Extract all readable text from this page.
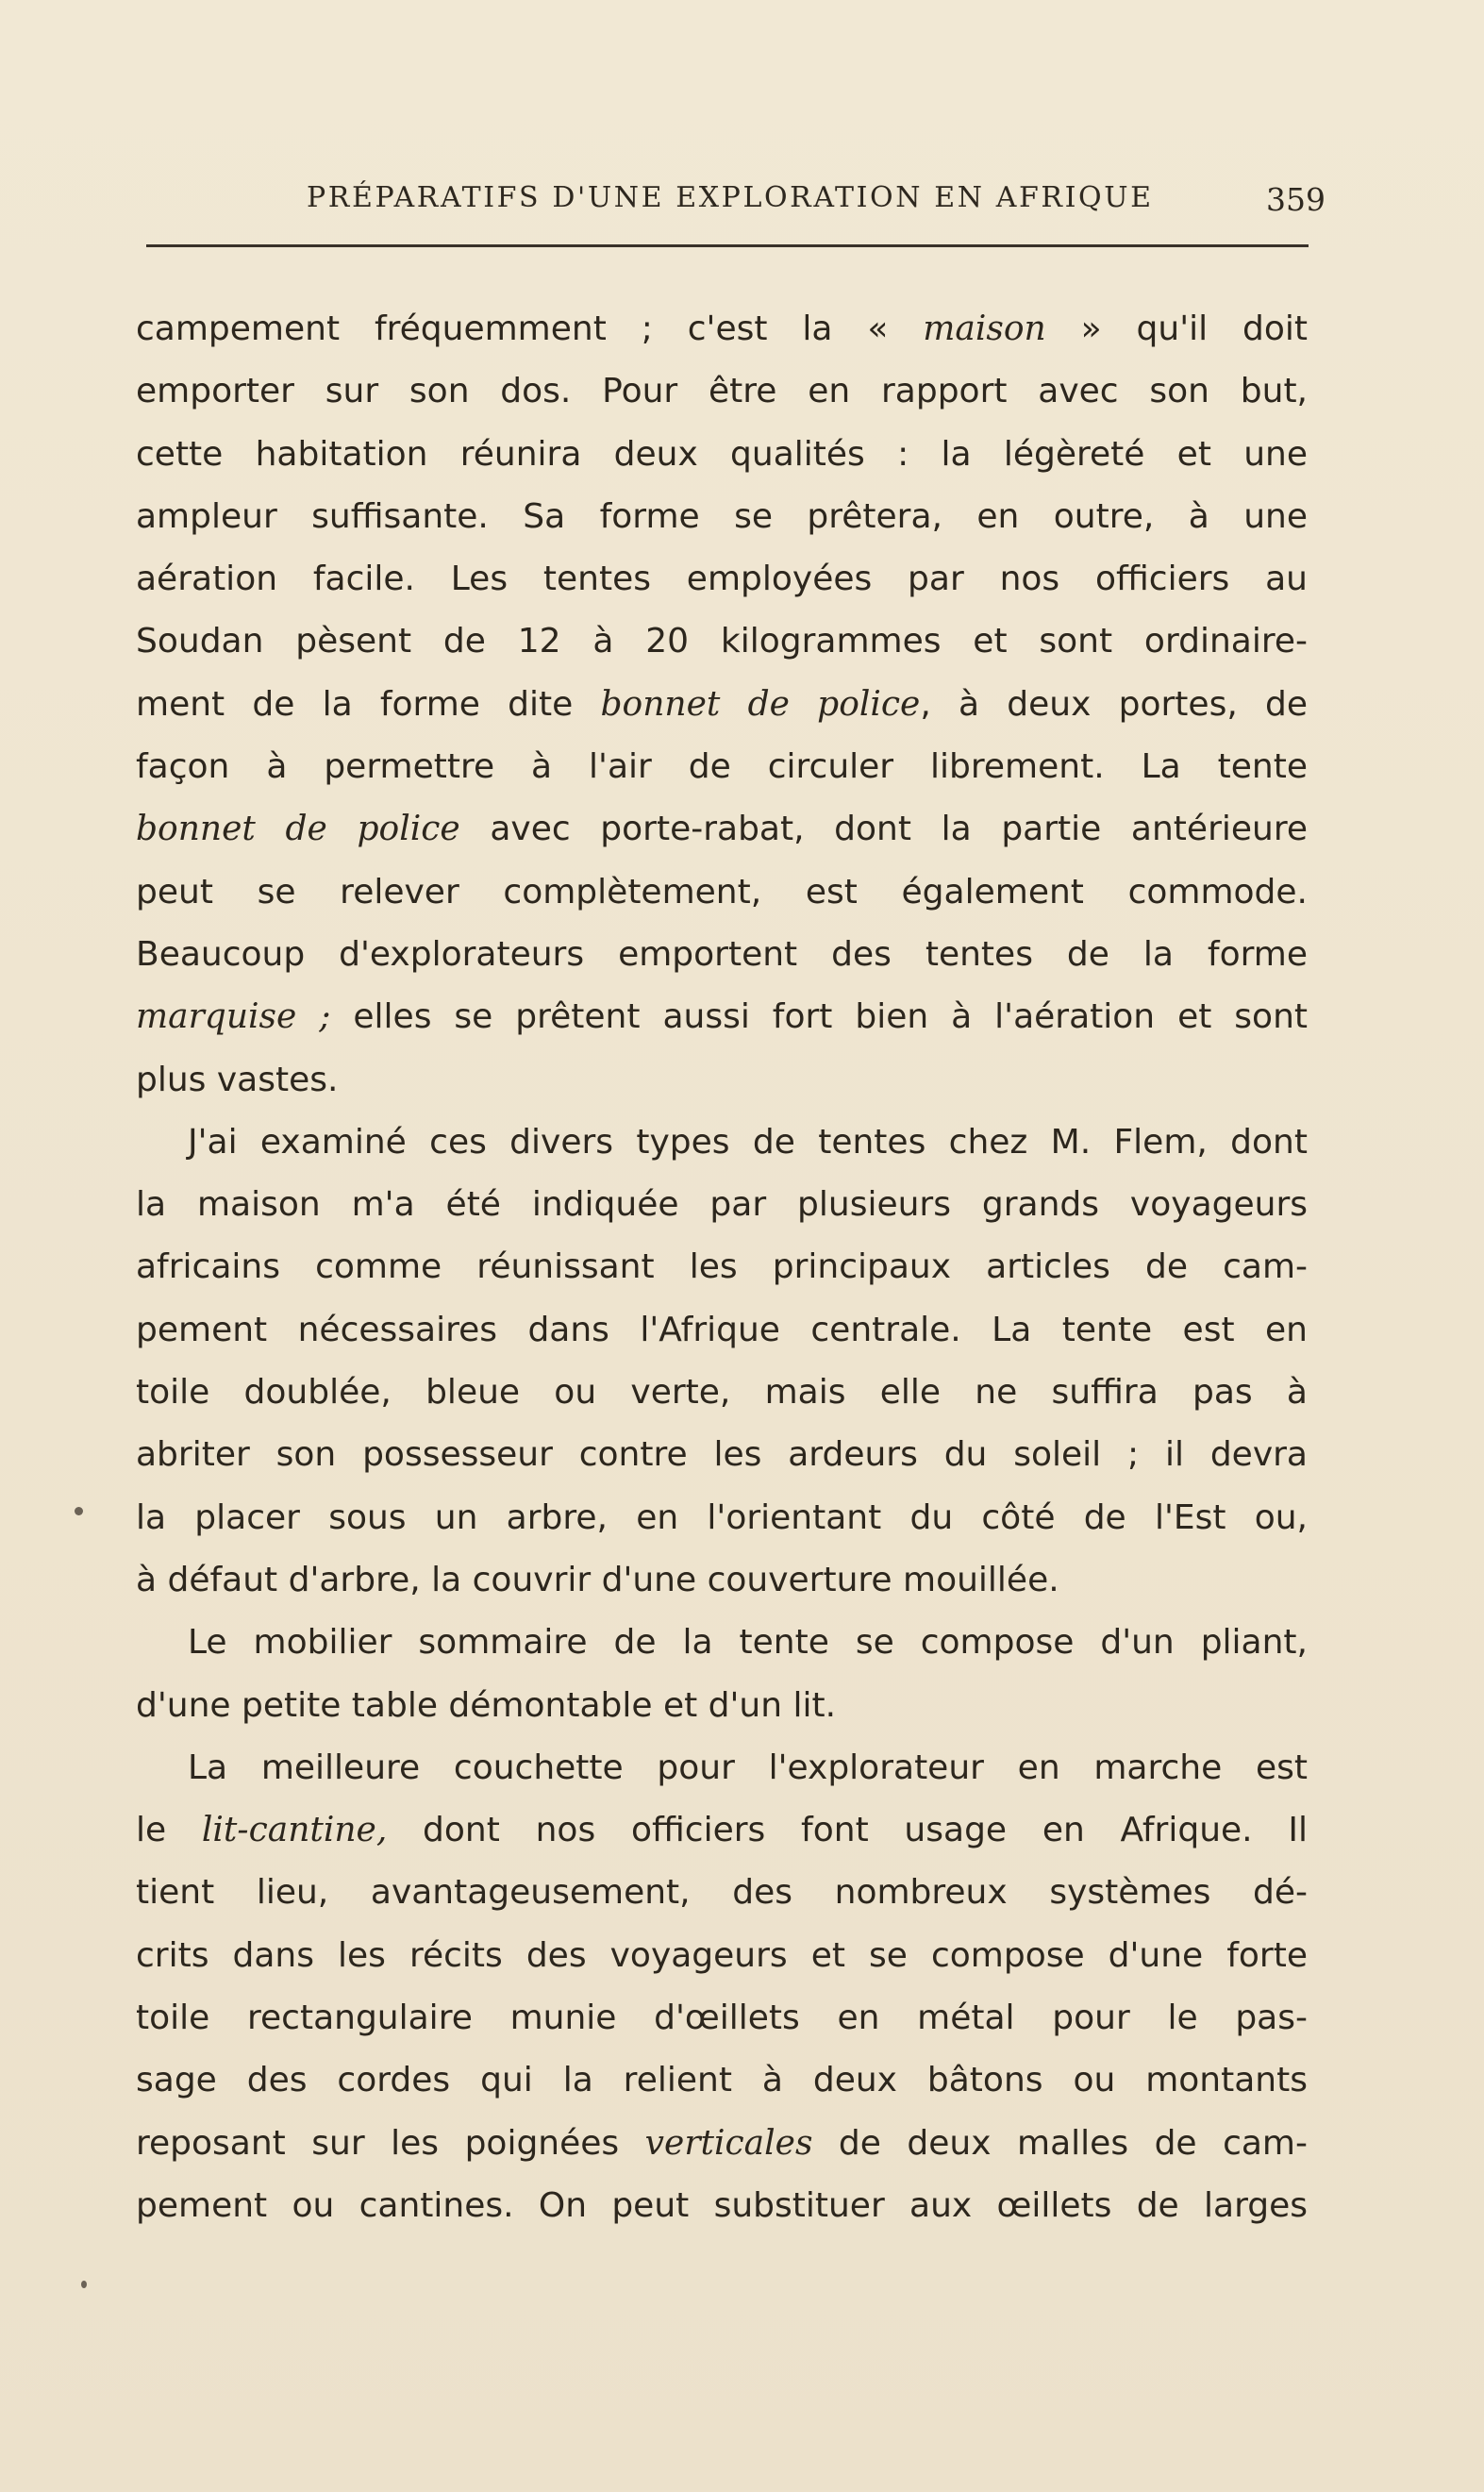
PRÉPARATIFS D'UNE EXPLORATION EN AFRIQUE	359
campement fréquemment ; c'est la « maison » qu'il doit
emporter sur son dos. Pour être en rapport avec son but,
cette habitation réunira deux qualités : la légèreté et une
ampleur suffisante. Sa forme se prêtera, en outre, à une
aération facile. Les tentes employées par nos officiers au
Soudan pèsent de 12 à 20 kilogrammes et sont ordinaire-
ment de la forme dite bonnet de police, à deux portes, de
façon à permettre à l'air de circuler librement. La tente
bonnet de police avec porte-rabat, dont la partie antérieure
peut se relever complètement, est également commode.
Beaucoup d'explorateurs emportent des tentes de la forme
marquise ; elles se prêtent aussi fort bien à l'aération et sont
plus vastes.
J'ai examiné ces divers types de tentes chez M. Flem, dont
la maison m'a été indiquée par plusieurs grands voyageurs
africains comme réunissant les principaux articles de cam-
pement nécessaires dans l'Afrique centrale. La tente est en
toile doublée, bleue ou verte, mais elle ne suffira pas à
abriter son possesseur contre les ardeurs du soleil ; il devra
la placer sous un arbre, en l'orientant du côté de l'Est ou,
à défaut d'arbre, la couvrir d'une couverture mouillée.
Le mobilier sommaire de la tente se compose d'un pliant,
d'une petite table démontable et d'un lit.
La meilleure couchette pour l'explorateur en marche est
le lit-cantine, dont nos officiers font usage en Afrique. Il
tient lieu, avantageusement, des nombreux systèmes dé-
crits dans les récits des voyageurs et se compose d'une forte
toile rectangulaire munie d'œillets en métal pour le pas-
sage des cordes qui la relient à deux bâtons ou montants
reposant sur les poignées verticales de deux malles de cam-
pement ou cantines. On peut substituer aux œillets de larges
